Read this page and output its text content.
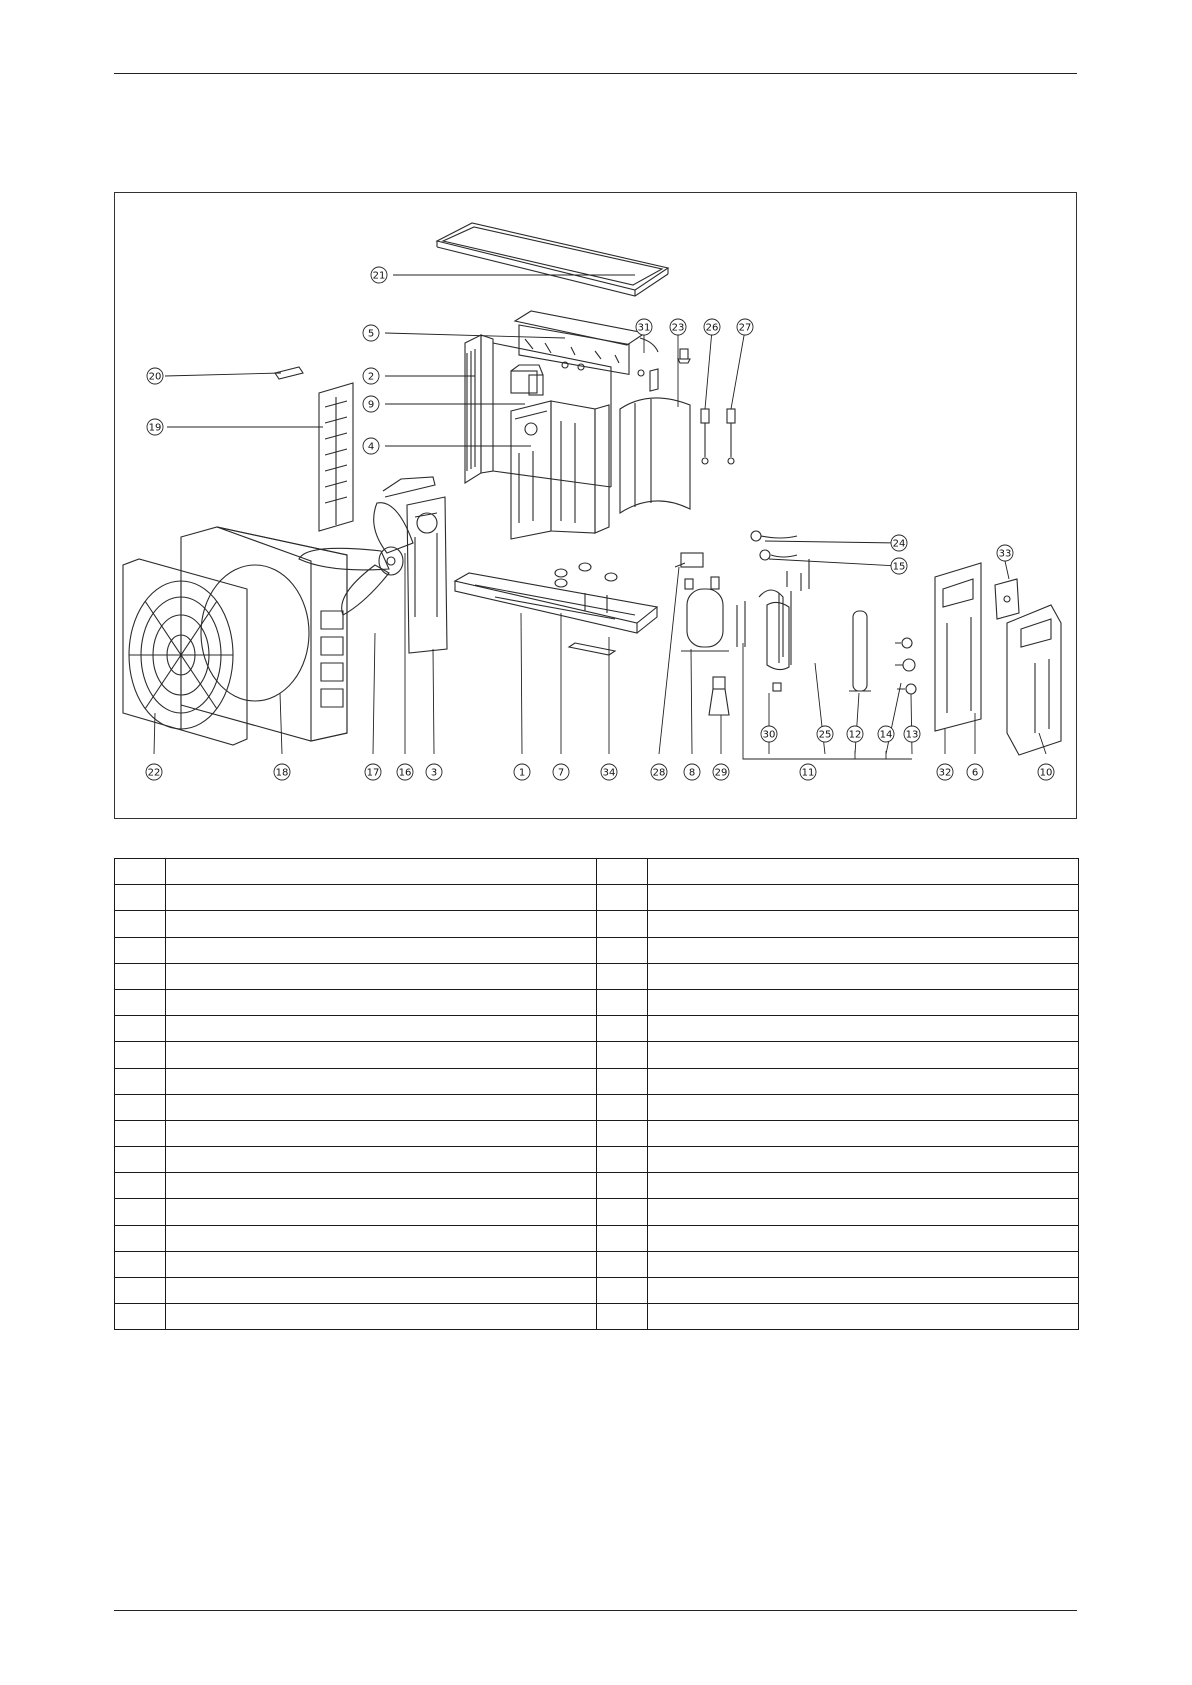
1
2
3
4
5
6
7	8
9
10
11
12	13
14
15
16
17
18
19
20
21
22
23
24
25
26 27
28	29
30
31
32
33
34
